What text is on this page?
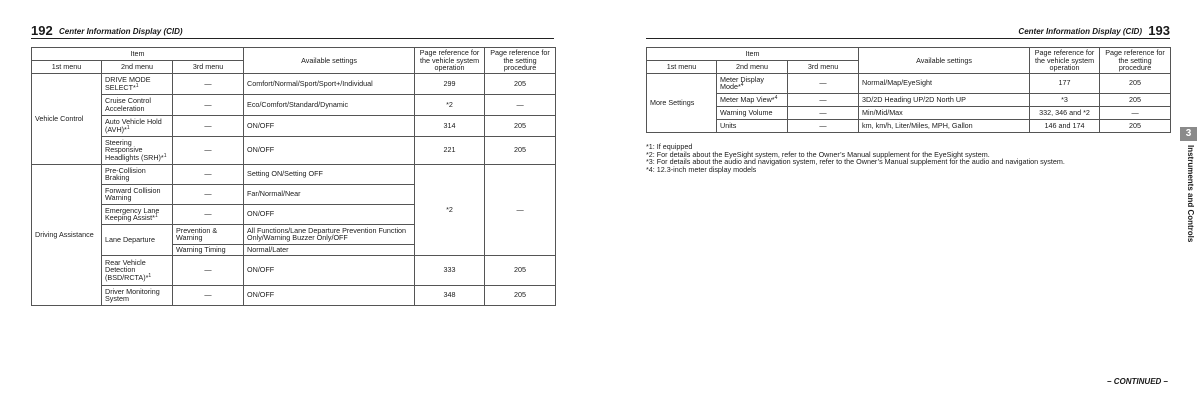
192 Center Information Display (CID)
Item			Available settings	Page reference for the vehicle system operation	Page reference for the setting procedure
1st menu	2nd menu	3rd menu			
Vehicle Control	DRIVE MODE SELECT*$^1$	—	Comfort/Normal/Sport/Sport+/Individual	299	205
	Cruise Control Acceleration	—	Eco/Comfort/Standard/Dynamic	*2	—
	Auto Vehicle Hold (AVH)*$^1$	—	ON/OFF	314	205
	Steering Responsive Headlights (SRH)*$^1$	—	ON/OFF	221	205
Driving Assistance	Pre-Collision Braking	—	Setting ON/Setting OFF	*2	—
	Forward Collision Warning	—	Far/Normal/Near		
	Emergency Lane Keeping Assist*$^1$	—	ON/OFF		
	Lane Departure	Prevention & Warning	All Functions/Lane Departure Prevention Function Only/Warning Buzzer Only/OFF		
		Warning Timing	Normal/Later		
	Rear Vehicle Detection (BSD/RCTA)*$^1$	—	ON/OFF	333	205
	Driver Monitoring System	—	ON/OFF	348	205
Center Information Display (CID) 193
Item			Available settings	Page reference for the vehicle system operation	Page reference for the setting procedure
1st menu	2nd menu	3rd menu			
More Settings	Meter Display Mode*$^4$	—	Normal/Map/EyeSight	177	205
	Meter Map View*$^4$	—	3D/2D Heading UP/2D North UP	*3	205
	Warning Volume	—	Min/Mid/Max	332, 346 and *2	—
	Units	—	km, km/h, Liter/Miles, MPH, Gallon	146 and 174	205
*1: If equipped
*2: For details about the EyeSight system, refer to the Owner’s Manual supplement for the EyeSight system.
*3: For details about the audio and navigation system, refer to the Owner’s Manual supplement for the audio and navigation system.
*4: 12.3-inch meter display models
3
Instruments and Controls
– CONTINUED –
